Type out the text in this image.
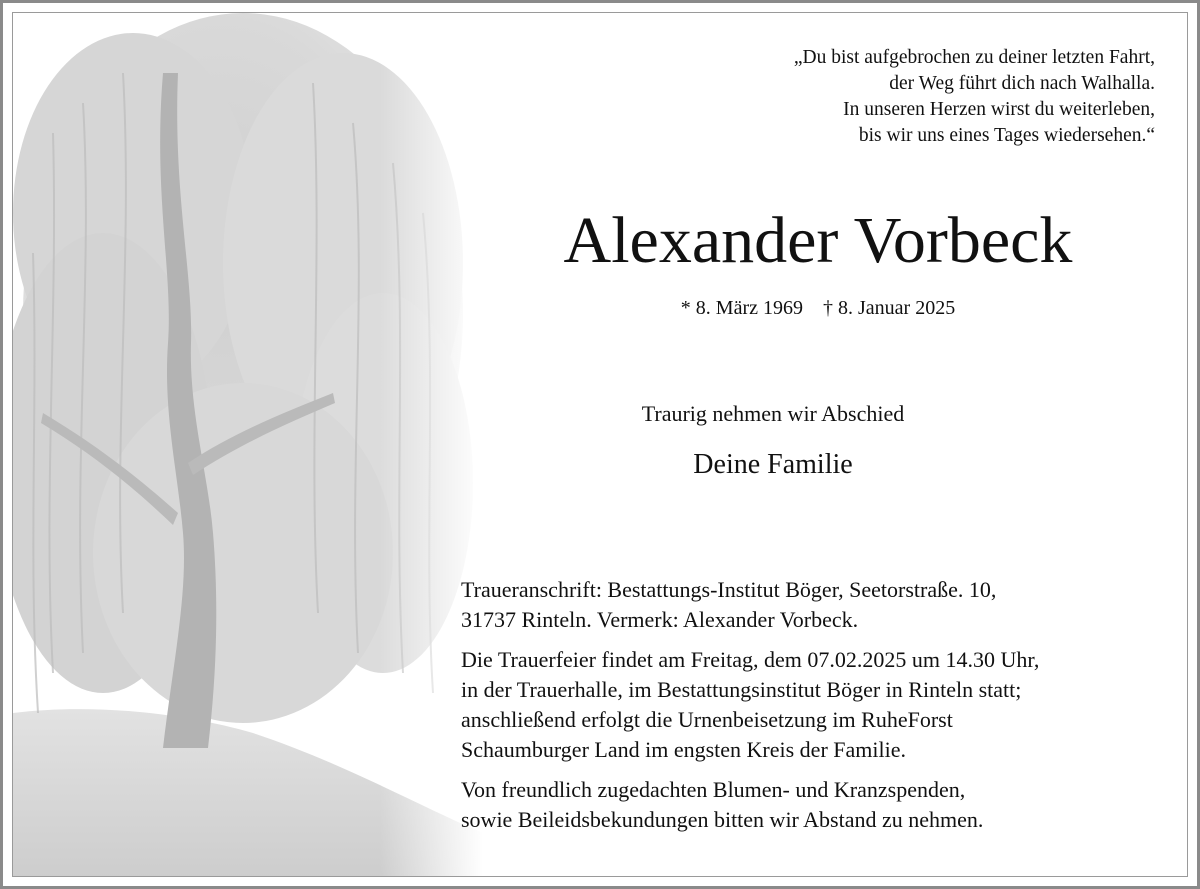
„Du bist aufgebrochen zu deiner letzten Fahrt,
der Weg führt dich nach Walhalla.
In unseren Herzen wirst du weiterleben,
bis wir uns eines Tages wiedersehen.“
Alexander Vorbeck
* 8. März 1969 † 8. Januar 2025
Traurig nehmen wir Abschied
Deine Familie
Traueranschrift: Bestattungs-Institut Böger, Seetorstraße. 10,
31737 Rinteln. Vermerk: Alexander Vorbeck.
Die Trauerfeier findet am Freitag, dem 07.02.2025 um 14.30 Uhr,
in der Trauerhalle, im Bestattungsinstitut Böger in Rinteln statt;
anschließend erfolgt die Urnenbeisetzung im RuheForst
Schaumburger Land im engsten Kreis der Familie.
Von freundlich zugedachten Blumen- und Kranzspenden,
sowie Beileidsbekundungen bitten wir Abstand zu nehmen.
